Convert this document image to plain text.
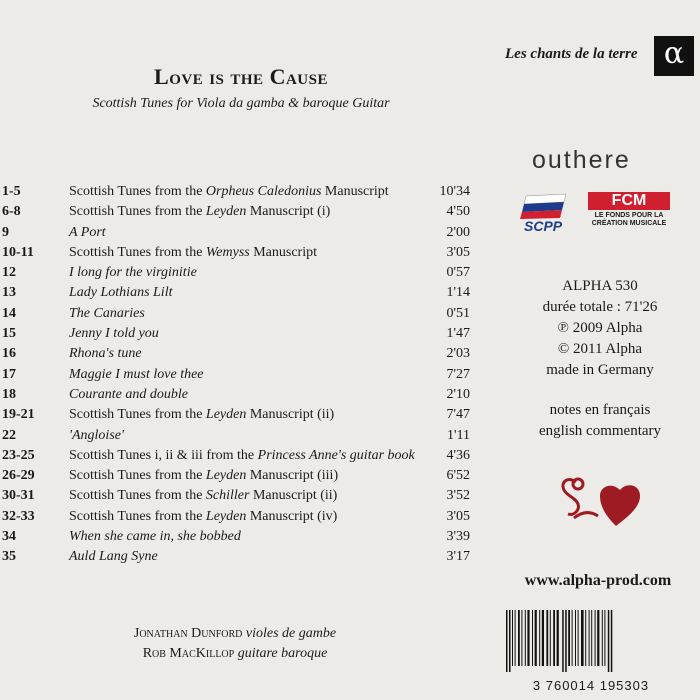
Love is the Cause
Scottish Tunes for Viola da gamba & baroque Guitar
Les chants de la terre α
outhere
SCPP
FCM
LE FONDS POUR LA
CRÉATION MUSICALE
ALPHA 530
durée totale : 71'26
℗ 2009 Alpha
© 2011 Alpha
made in Germany
notes en français
english commentary
www.alpha-prod.com
1-5	Scottish Tunes from the Orpheus Caledonius Manuscript	10'34
6-8	Scottish Tunes from the Leyden Manuscript (i)	4'50
9	A Port	2'00
10-11	Scottish Tunes from the Wemyss Manuscript	3'05
12	I long for the virginitie	0'57
13	Lady Lothians Lilt	1'14
14	The Canaries	0'51
15	Jenny I told you	1'47
16	Rhona's tune	2'03
17	Maggie I must love thee	7'27
18	Courante and double	2'10
19-21 Scottish Tunes from the Leyden Manuscript (ii)	7'47
22	'Angloise'	1'11
23-25 Scottish Tunes i, ii & iii from the Princess Anne's guitar book 4'36
26-29 Scottish Tunes from the Leyden Manuscript (iii)	6'52
30-31 Scottish Tunes from the Schiller Manuscript (ii)	3'52
32-33 Scottish Tunes from the Leyden Manuscript (iv)	3'05
34	When she came in, she bobbed	3'39
35	Auld Lang Syne	3'17
Jonathan Dunford violes de gambe
Rob MacKillop guitare baroque
3 760014 195303
